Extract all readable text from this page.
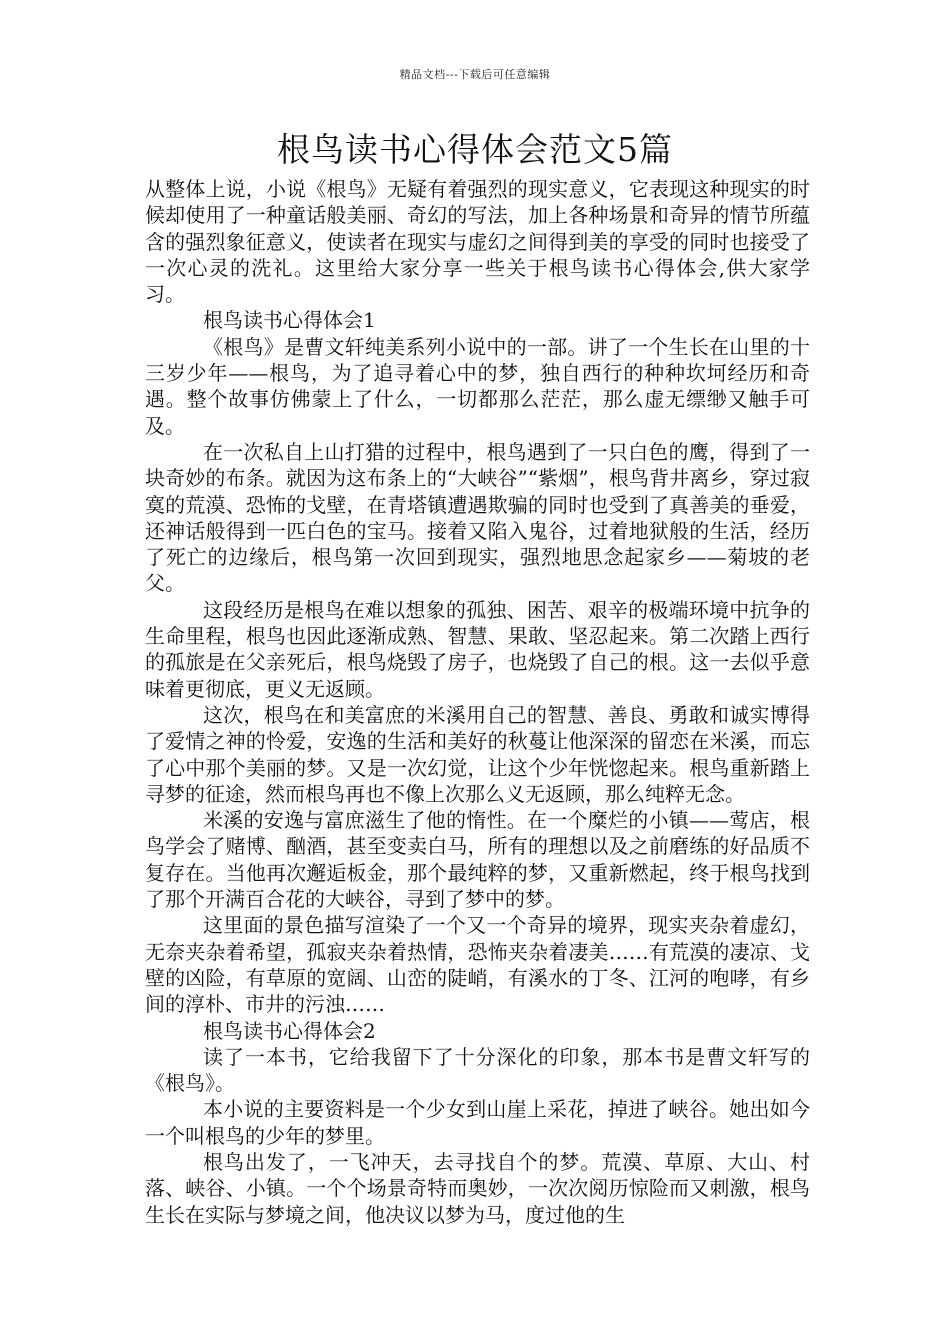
精品文档---下载后可任意编辑
根鸟读书心得体会范文5篇

从整体上说，小说《根鸟》无疑有着强烈的现实意义，它表现这种现实的时候却使用了一种童话般美丽、奇幻的写法，加上各种场景和奇异的情节所蕴含的强烈象征意义，使读者在现实与虚幻之间得到美的享受的同时也接受了一次心灵的洗礼。这里给大家分享一些关于根鸟读书心得体会,供大家学习。

根鸟读书心得体会1

《根鸟》是曹文轩纯美系列小说中的一部。讲了一个生长在山里的十三岁少年——根鸟，为了追寻着心中的梦，独自西行的种种坎坷经历和奇遇。整个故事仿佛蒙上了什么，一切都那么茫茫，那么虚无缥缈又触手可及。

在一次私自上山打猎的过程中，根鸟遇到了一只白色的鹰，得到了一块奇妙的布条。就因为这布条上的“大峡谷”“紫烟”，根鸟背井离乡，穿过寂寞的荒漠、恐怖的戈壁，在青塔镇遭遇欺骗的同时也受到了真善美的垂爱，还神话般得到一匹白色的宝马。接着又陷入鬼谷，过着地狱般的生活，经历了死亡的边缘后，根鸟第一次回到现实，强烈地思念起家乡——菊坡的老父。

这段经历是根鸟在难以想象的孤独、困苦、艰辛的极端环境中抗争的生命里程，根鸟也因此逐渐成熟、智慧、果敢、坚忍起来。第二次踏上西行的孤旅是在父亲死后，根鸟烧毁了房子，也烧毁了自己的根。这一去似乎意味着更彻底，更义无返顾。

这次，根鸟在和美富庶的米溪用自己的智慧、善良、勇敢和诚实博得了爱情之神的怜爱，安逸的生活和美好的秋蔓让他深深的留恋在米溪，而忘了心中那个美丽的梦。又是一次幻觉，让这个少年恍惚起来。根鸟重新踏上寻梦的征途，然而根鸟再也不像上次那么义无返顾，那么纯粹无念。

米溪的安逸与富庶滋生了他的惰性。在一个糜烂的小镇——莺店，根鸟学会了赌博、酗酒，甚至变卖白马，所有的理想以及之前磨练的好品质不复存在。当他再次邂逅板金，那个最纯粹的梦，又重新燃起，终于根鸟找到了那个开满百合花的大峡谷，寻到了梦中的梦。

这里面的景色描写渲染了一个又一个奇异的境界，现实夹杂着虚幻，无奈夹杂着希望，孤寂夹杂着热情，恐怖夹杂着凄美……有荒漠的凄凉、戈壁的凶险，有草原的宽阔、山峦的陡峭，有溪水的丁冬、江河的咆哮，有乡间的淳朴、市井的污浊……

根鸟读书心得体会2

读了一本书，它给我留下了十分深化的印象，那本书是曹文轩写的《根鸟》。

本小说的主要资料是一个少女到山崖上采花，掉进了峡谷。她出如今一个叫根鸟的少年的梦里。

根鸟出发了，一飞冲天，去寻找自个的梦。荒漠、草原、大山、村落、峡谷、小镇。一个个场景奇特而奥妙，一次次阅历惊险而又刺激，根鸟生长在实际与梦境之间，他决议以梦为马，度过他的生
